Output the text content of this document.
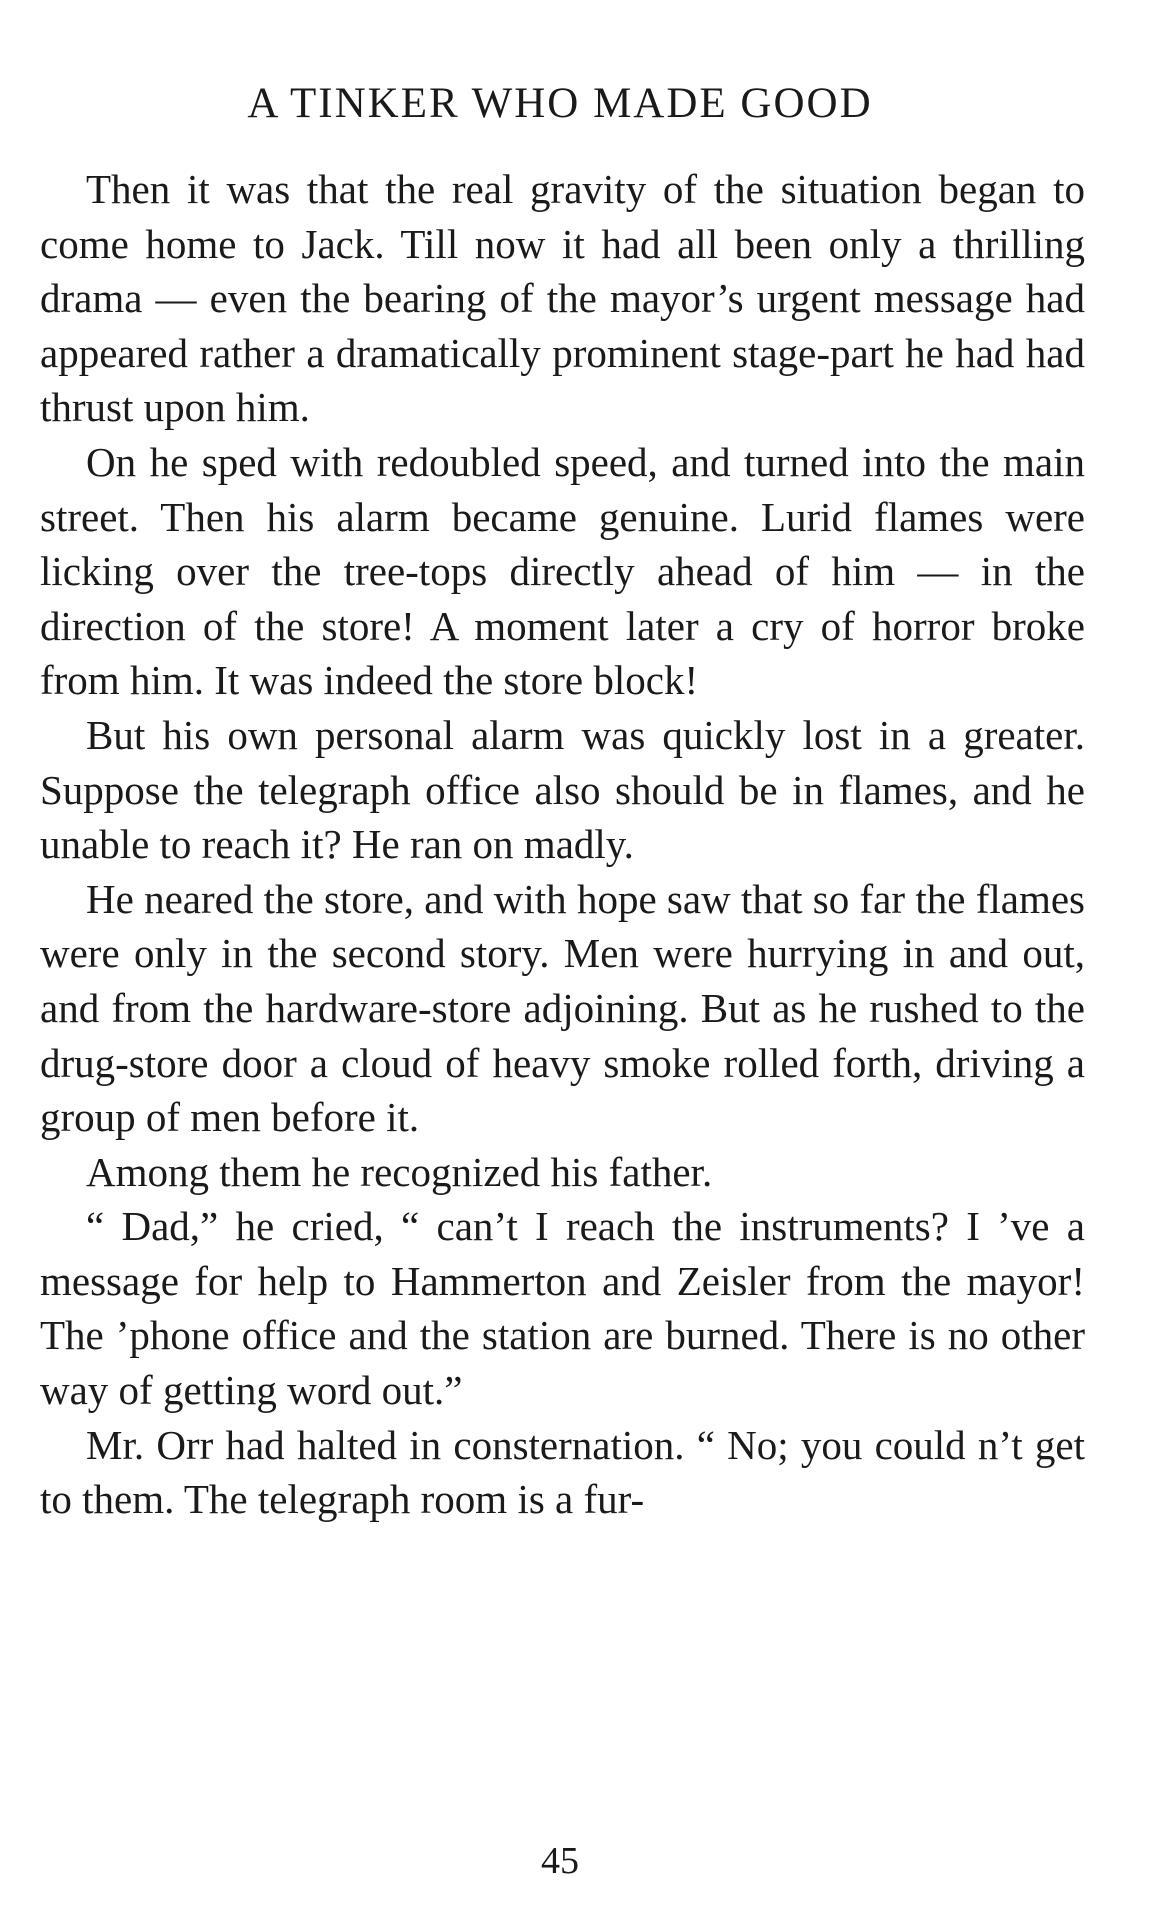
A TINKER WHO MADE GOOD

Then it was that the real gravity of the situation began to come home to Jack. Till now it had all been only a thrilling drama — even the bearing of the mayor’s urgent message had appeared rather a dramatically prominent stage-part he had had thrust upon him.

On he sped with redoubled speed, and turned into the main street. Then his alarm became genuine. Lurid flames were licking over the tree-tops directly ahead of him — in the direction of the store! A moment later a cry of horror broke from him. It was indeed the store block!

But his own personal alarm was quickly lost in a greater. Suppose the telegraph office also should be in flames, and he unable to reach it? He ran on madly.

He neared the store, and with hope saw that so far the flames were only in the second story. Men were hurrying in and out, and from the hardware-store adjoining. But as he rushed to the drug-store door a cloud of heavy smoke rolled forth, driving a group of men before it.

Among them he recognized his father.

“ Dad,” he cried, “ can’t I reach the instruments? I ’ve a message for help to Hammerton and Zeisler from the mayor! The ’phone office and the station are burned. There is no other way of getting word out.”

Mr. Orr had halted in consternation. “ No; you could n’t get to them. The telegraph room is a fur-

45
